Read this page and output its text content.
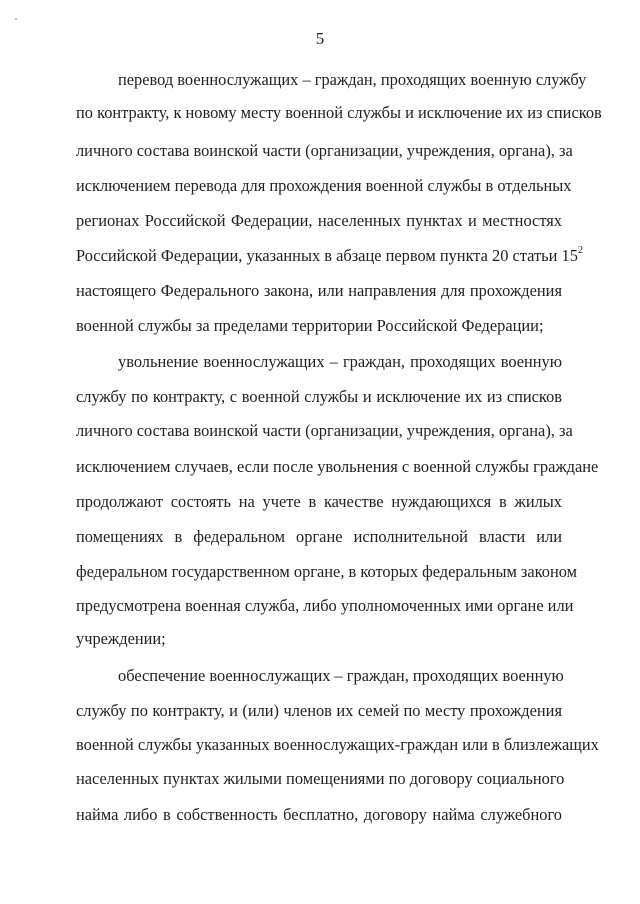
5
перевод военнослужащих – граждан, проходящих военную службу
по контракту, к новому месту военной службы и исключение их из списков
личного состава воинской части (организации, учреждения, органа), за
исключением перевода для прохождения военной службы в отдельных
регионах Российской Федерации, населенных пунктах и местностях
Российской Федерации, указанных в абзаце первом пункта 20 статьи $15^2$
настоящего Федерального закона, или направления для прохождения
военной службы за пределами территории Российской Федерации;
увольнение военнослужащих – граждан, проходящих военную
службу по контракту, с военной службы и исключение их из списков
личного состава воинской части (организации, учреждения, органа), за
исключением случаев, если после увольнения с военной службы граждане
продолжают состоять на учете в качестве нуждающихся в жилых
помещениях в федеральном органе исполнительной власти или
федеральном государственном органе, в которых федеральным законом
предусмотрена военная служба, либо уполномоченных ими органе или
учреждении;
обеспечение военнослужащих – граждан, проходящих военную
службу по контракту, и (или) членов их семей по месту прохождения
военной службы указанных военнослужащих-граждан или в близлежащих
населенных пунктах жилыми помещениями по договору социального
найма либо в собственность бесплатно, договору найма служебного
